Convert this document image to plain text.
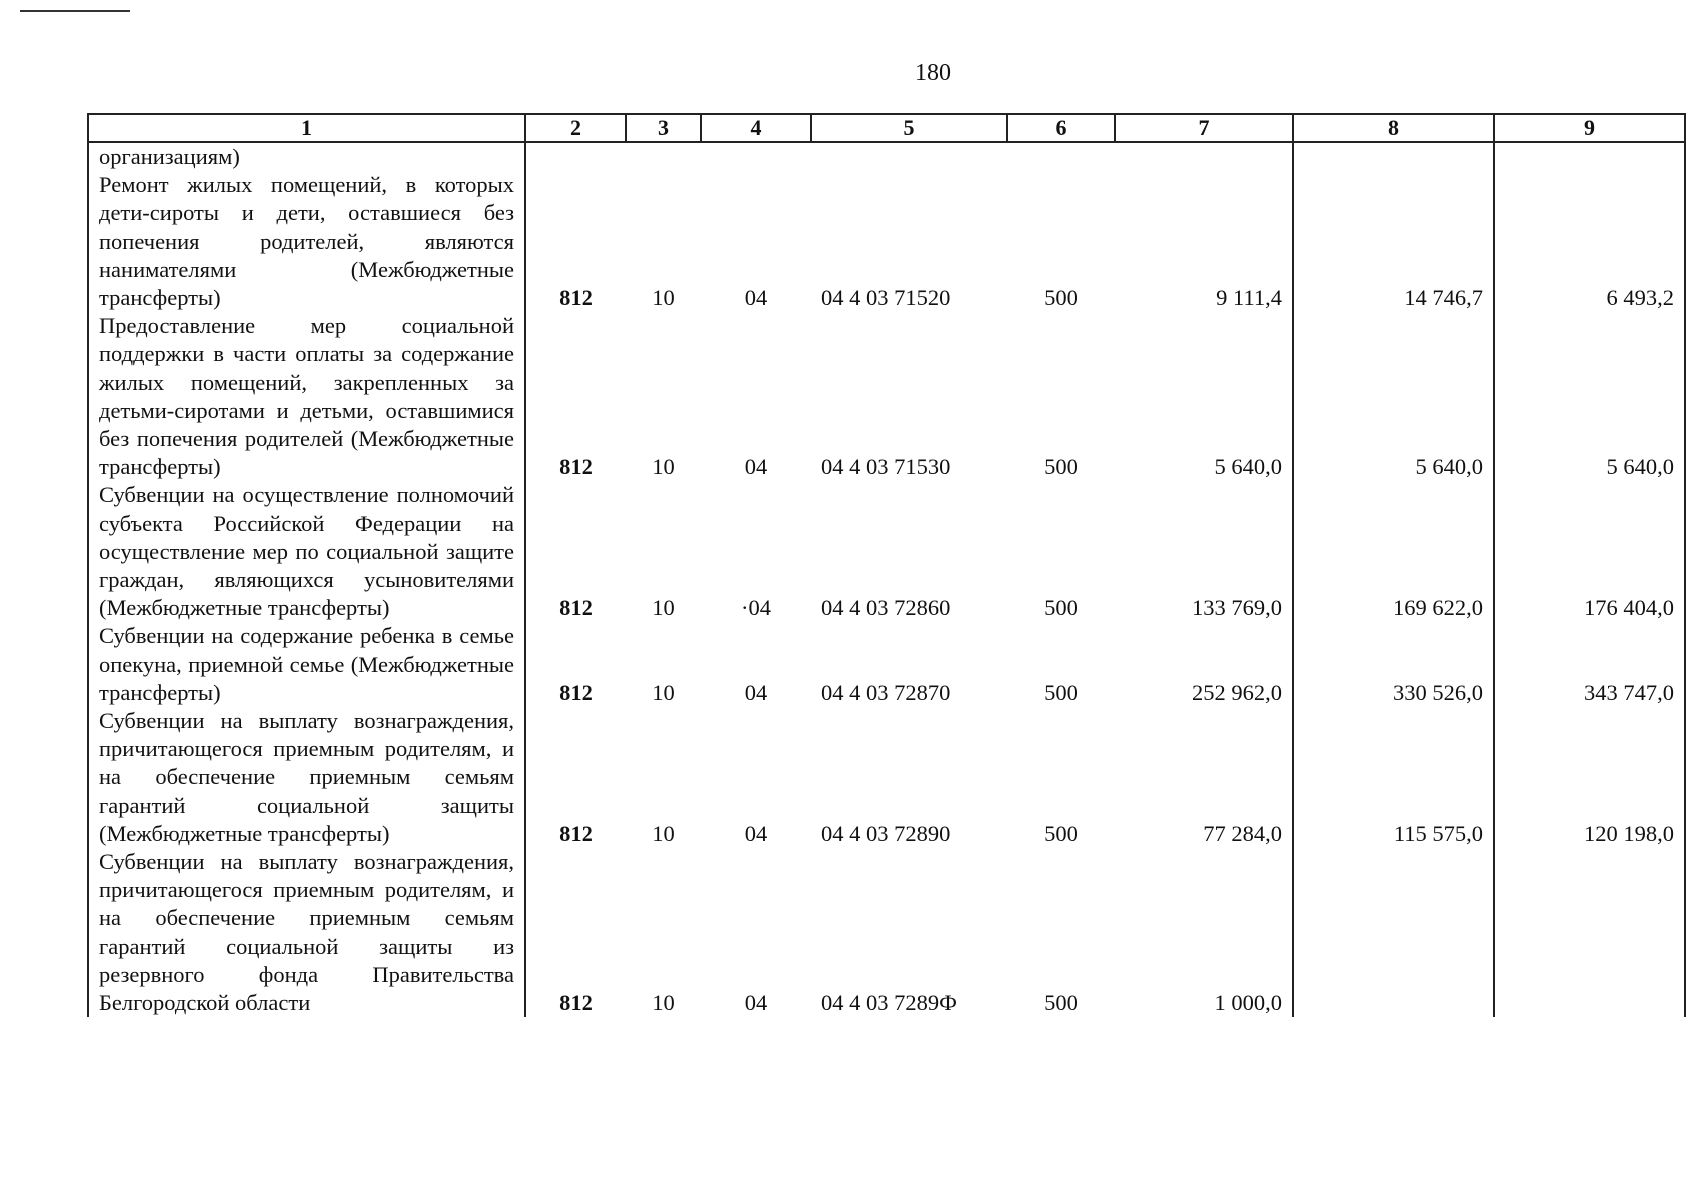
180
1	2	3	4	5	6	7	8	9

организациям)
Ремонт жилых помещений, в которых дети-сироты и дети, оставшиеся без попечения родителей, являются нанимателями (Межбюджетные трансферты)	812	10	04	04 4 03 71520	500	9 111,4	14 746,7	6 493,2
Предоставление мер социальной поддержки в части оплаты за содержание жилых помещений, закрепленных за детьми-сиротами и детьми, оставшимися без попечения родителей (Межбюджетные трансферты)	812	10	04	04 4 03 71530	500	5 640,0	5 640,0	5 640,0
Субвенции на осуществление полномочий субъекта Российской Федерации на осуществление мер по социальной защите граждан, являющихся усыновителями (Межбюджетные трансферты)	812	10	·04	04 4 03 72860	500	133 769,0	169 622,0	176 404,0
Субвенции на содержание ребенка в семье опекуна, приемной семье (Межбюджетные трансферты)	812	10	04	04 4 03 72870	500	252 962,0	330 526,0	343 747,0
Субвенции на выплату вознаграждения, причитающегося приемным родителям, и на обеспечение приемным семьям гарантий социальной защиты (Межбюджетные трансферты)	812	10	04	04 4 03 72890	500	77 284,0	115 575,0	120 198,0
Субвенции на выплату вознаграждения, причитающегося приемным родителям, и на обеспечение приемным семьям гарантий социальной защиты из резервного фонда Правительства Белгородской области	812	10	04	04 4 03 7289Ф	500	1 000,0		
